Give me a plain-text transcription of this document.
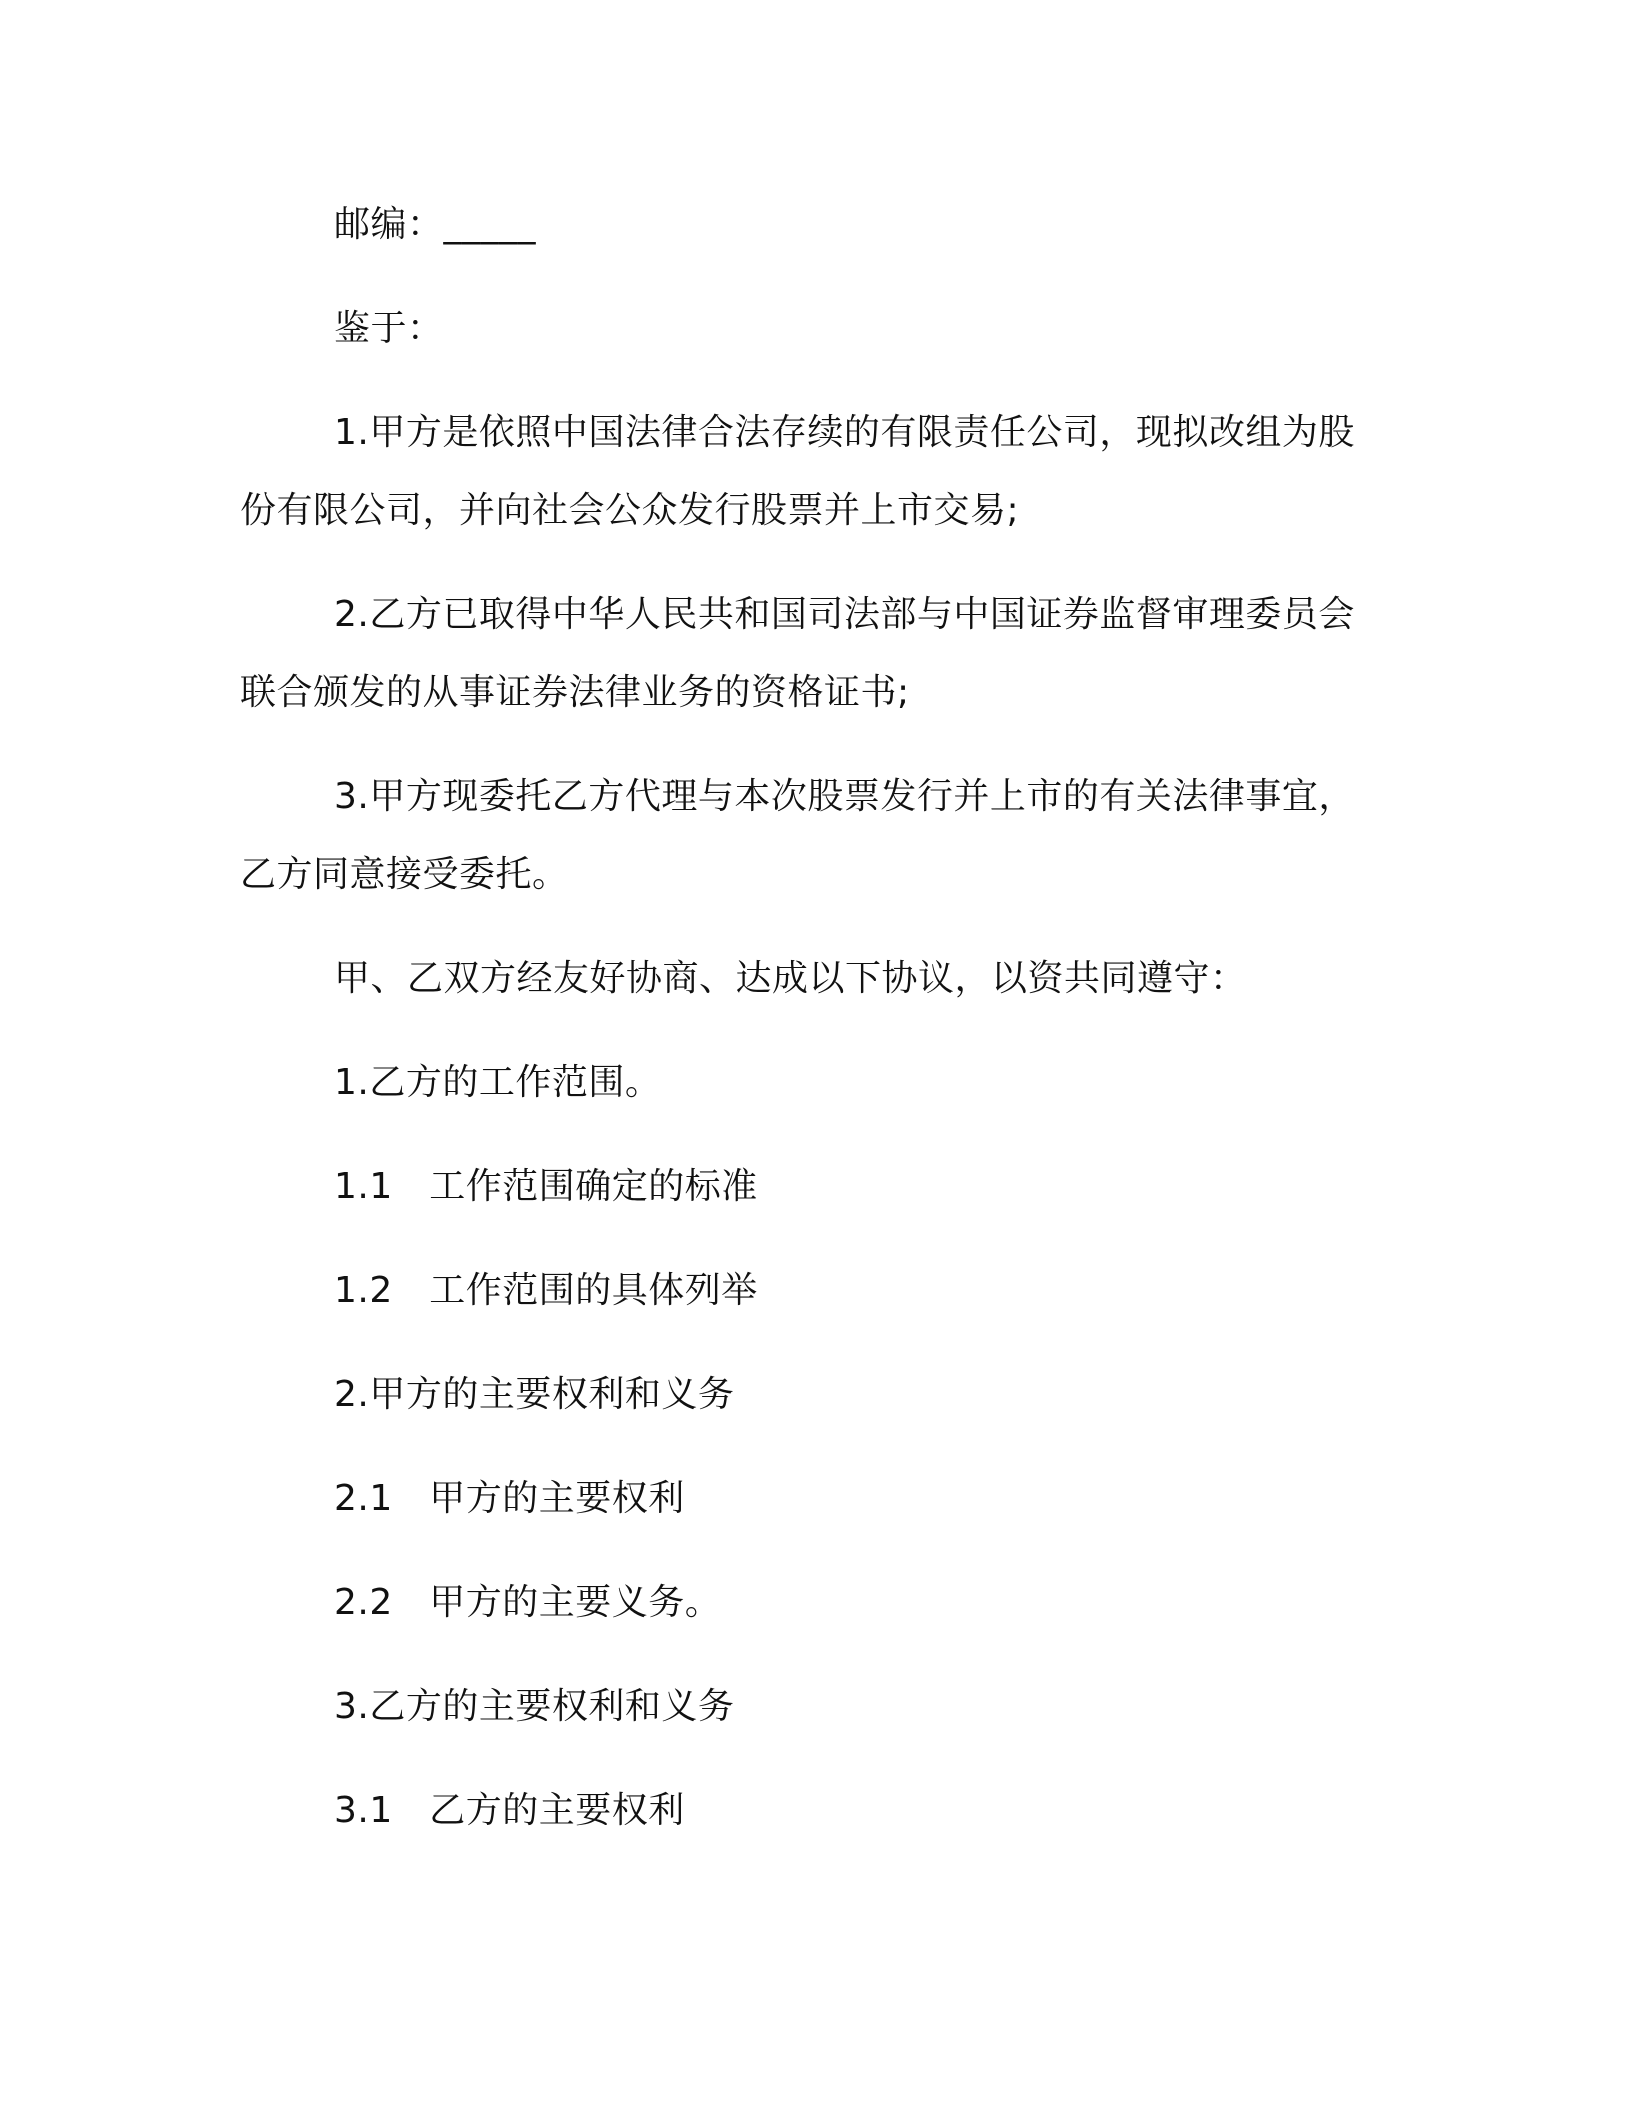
邮编：_____

鉴于：

1.甲方是依照中国法律合法存续的有限责任公司，现拟改组为股份有限公司，并向社会公众发行股票并上市交易;

2.乙方已取得中华人民共和国司法部与中国证券监督审理委员会联合颁发的从事证券法律业务的资格证书;

3.甲方现委托乙方代理与本次股票发行并上市的有关法律事宜，乙方同意接受委托。

甲、乙双方经友好协商、达成以下协议，以资共同遵守：

1.乙方的工作范围。

1.1　工作范围确定的标准

1.2　工作范围的具体列举

2.甲方的主要权利和义务

2.1　甲方的主要权利

2.2　甲方的主要义务。

3.乙方的主要权利和义务

3.1　乙方的主要权利
